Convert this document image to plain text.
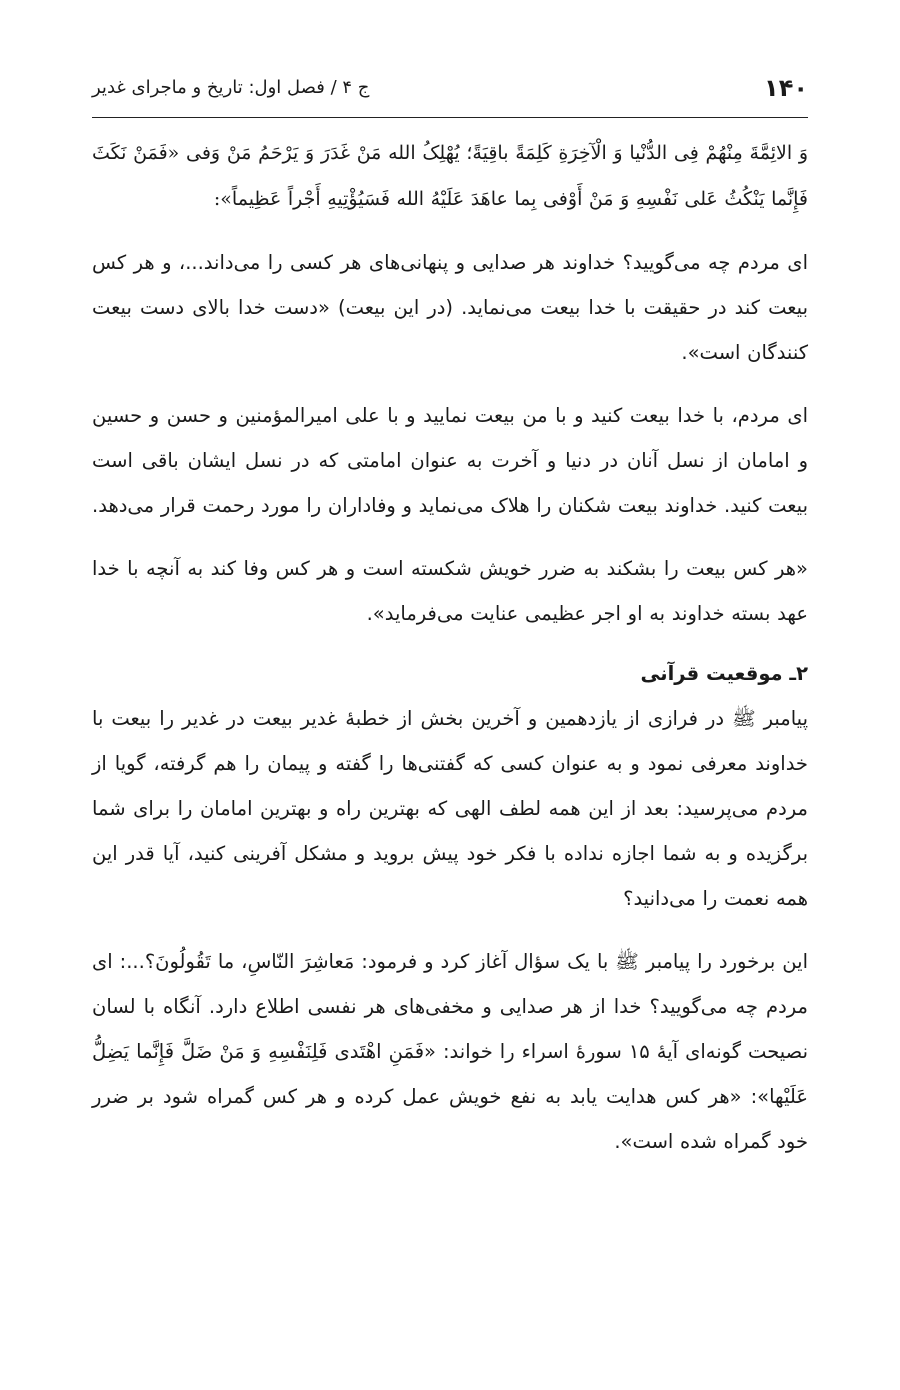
۱۴۰
ج ۴ / فصل اول: تاریخ و ماجرای غدیر

وَ الائِمَّةَ مِنْهُمْ فِی الدُّنْیا وَ الْآخِرَةِ کَلِمَةً باقِیَةً؛ یُهْلِکُ الله مَنْ غَدَرَ وَ یَرْحَمُ مَنْ وَفی «فَمَنْ نَکَثَ فَإِنَّما یَنْکُثُ عَلی نَفْسِهِ وَ مَنْ أَوْفی بِما عاهَدَ عَلَیْهُ الله فَسَیُؤْتِیهِ أَجْراً عَظِیماً»:

ای مردم چه می‌گویید؟ خداوند هر صدایی و پنهانی‌های هر کسی را می‌داند...، و هر کس بیعت کند در حقیقت با خدا بیعت می‌نماید. (در این بیعت) «دست خدا بالای دست بیعت کنندگان است».

ای مردم، با خدا بیعت کنید و با من بیعت نمایید و با علی امیرالمؤمنین و حسن و حسین و امامان از نسل آنان در دنیا و آخرت به عنوان امامتی که در نسل ایشان باقی است بیعت کنید. خداوند بیعت شکنان را هلاک می‌نماید و وفاداران را مورد رحمت قرار می‌دهد.

«هر کس بیعت را بشکند به ضرر خویش شکسته است و هر کس وفا کند به آنچه با خدا عهد بسته خداوند به او اجر عظیمی عنایت می‌فرماید».

۲ـ موقعیت قرآنی

پیامبر ﷺ در فرازی از یازدهمین و آخرین بخش از خطبهٔ غدیر بیعت در غدیر را بیعت با خداوند معرفی نمود و به عنوان کسی که گفتنی‌ها را گفته و پیمان را هم گرفته، گویا از مردم می‌پرسید: بعد از این همه لطف الهی که بهترین راه و بهترین امامان را برای شما برگزیده و به شما اجازه نداده با فکر خود پیش بروید و مشکل آفرینی کنید، آیا قدر این همه نعمت را می‌دانید؟

این برخورد را پیامبر ﷺ با یک سؤال آغاز کرد و فرمود: مَعاشِرَ النّاسِ، ما تَقُولُونَ؟...: ای مردم چه می‌گویید؟ خدا از هر صدایی و مخفی‌های هر نفسی اطلاع دارد. آنگاه با لسان نصیحت گونه‌ای آیهٔ ۱۵ سورهٔ اسراء را خواند: «فَمَنِ اهْتَدی فَلِنَفْسِهِ وَ مَنْ ضَلَّ فَإِنَّما یَضِلُّ عَلَیْها»: «هر کس هدایت یابد به نفع خویش عمل کرده و هر کس گمراه شود بر ضرر خود گمراه شده است».
